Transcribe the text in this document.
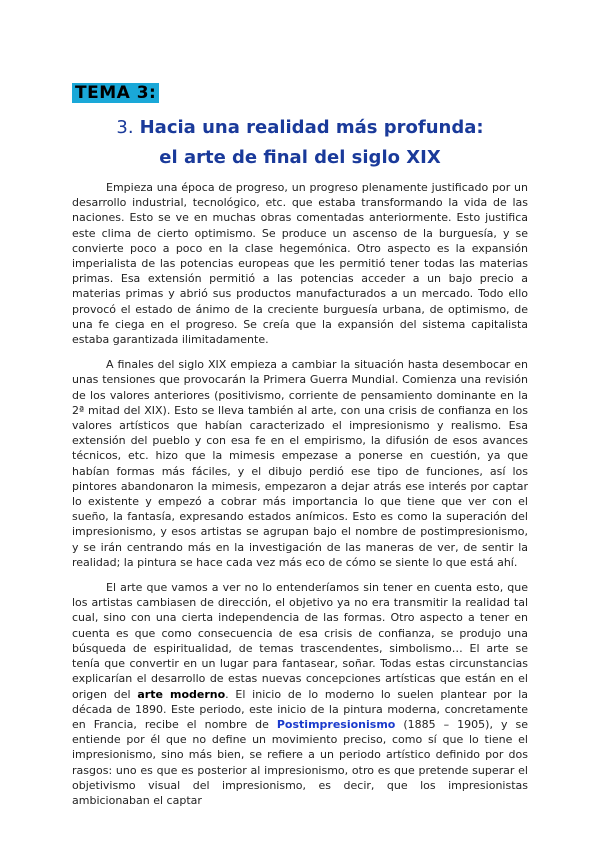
TEMA 3:
3. Hacia una realidad más profunda:
el arte de final del siglo XIX

Empieza una época de progreso, un progreso plenamente justificado por un desarrollo industrial, tecnológico, etc. que estaba transformando la vida de las naciones. Esto se ve en muchas obras comentadas anteriormente. Esto justifica este clima de cierto optimismo. Se produce un ascenso de la burguesía, y se convierte poco a poco en la clase hegemónica. Otro aspecto es la expansión imperialista de las potencias europeas que les permitió tener todas las materias primas. Esa extensión permitió a las potencias acceder a un bajo precio a materias primas y abrió sus productos manufacturados a un mercado. Todo ello provocó el estado de ánimo de la creciente burguesía urbana, de optimismo, de una fe ciega en el progreso. Se creía que la expansión del sistema capitalista estaba garantizada ilimitadamente.

A finales del siglo XIX empieza a cambiar la situación hasta desembocar en unas tensiones que provocarán la Primera Guerra Mundial. Comienza una revisión de los valores anteriores (positivismo, corriente de pensamiento dominante en la 2ª mitad del XIX). Esto se lleva también al arte, con una crisis de confianza en los valores artísticos que habían caracterizado el impresionismo y realismo. Esa extensión del pueblo y con esa fe en el empirismo, la difusión de esos avances técnicos, etc. hizo que la mimesis empezase a ponerse en cuestión, ya que habían formas más fáciles, y el dibujo perdió ese tipo de funciones, así los pintores abandonaron la mimesis, empezaron a dejar atrás ese interés por captar lo existente y empezó a cobrar más importancia lo que tiene que ver con el sueño, la fantasía, expresando estados anímicos. Esto es como la superación del impresionismo, y esos artistas se agrupan bajo el nombre de postimpresionismo, y se irán centrando más en la investigación de las maneras de ver, de sentir la realidad; la pintura se hace cada vez más eco de cómo se siente lo que está ahí.

El arte que vamos a ver no lo entenderíamos sin tener en cuenta esto, que los artistas cambiasen de dirección, el objetivo ya no era transmitir la realidad tal cual, sino con una cierta independencia de las formas. Otro aspecto a tener en cuenta es que como consecuencia de esa crisis de confianza, se produjo una búsqueda de espiritualidad, de temas trascendentes, simbolismo… El arte se tenía que convertir en un lugar para fantasear, soñar. Todas estas circunstancias explicarían el desarrollo de estas nuevas concepciones artísticas que están en el origen del arte moderno. El inicio de lo moderno lo suelen plantear por la década de 1890. Este periodo, este inicio de la pintura moderna, concretamente en Francia, recibe el nombre de Postimpresionismo (1885 – 1905), y se entiende por él que no define un movimiento preciso, como sí que lo tiene el impresionismo, sino más bien, se refiere a un periodo artístico definido por dos rasgos: uno es que es posterior al impresionismo, otro es que pretende superar el objetivismo visual del impresionismo, es decir, que los impresionistas ambicionaban el captar
